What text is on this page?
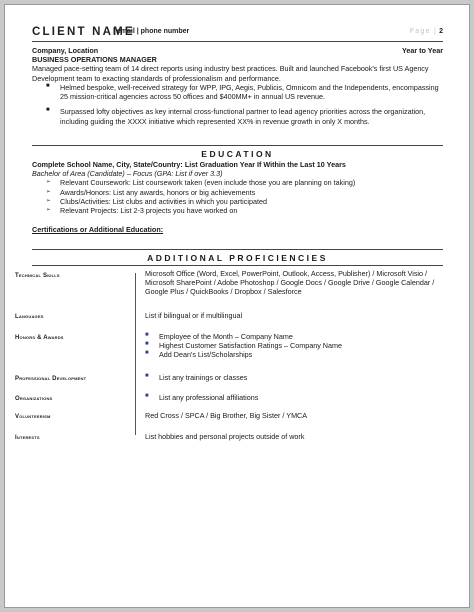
CLIENT NAME
| email | phone number	Page | 2
Company, Location	Year to Year
BUSINESS OPERATIONS MANAGER
Managed pace-setting team of 14 direct reports using industry best practices. Built and launched Facebook's first US Agency Development team to exacting standards of professionalism and performance.
■ Helmed bespoke, well-received strategy for WPP, IPG, Aegis, Publicis, Omnicom and the Independents, encompassing 25 mission-critical agencies across 50 offices and $400MM+ in annual US revenue.
■ Surpassed lofty objectives as key internal cross-functional partner to lead agency priorities across the organization, including guiding the XXXX initiative which represented XX% in revenue growth in only X months.
EDUCATION
Complete School Name, City, State/Country: List Graduation Year If Within the Last 10 Years
Bachelor of Area (Candidate) – Focus (GPA: List if over 3.3)
➢ Relevant Coursework: List coursework taken (even include those you are planning on taking)
➢ Awards/Honors: List any awards, honors or big achievements
➢ Clubs/Activities: List clubs and activities in which you participated
➢ Relevant Projects: List 2-3 projects you have worked on
Certifications or Additional Education:
ADDITIONAL PROFICIENCIES
Technical Skills	Microsoft Office (Word, Excel, PowerPoint, Outlook, Access, Publisher) / Microsoft Visio / Microsoft SharePoint / Adobe Photoshop / Google Docs / Google Drive / Google Calendar / Google Plus / QuickBooks / Dropbox / Salesforce
Languages	List if bilingual or if multilingual
Honors & Awards	■ Employee of the Month – Company Name
■ Highest Customer Satisfaction Ratings – Company Name
■ Add Dean's List/Scholarships
Professional Development	■ List any trainings or classes
Organizations	■ List any professional affiliations
Volunteerism	Red Cross / SPCA / Big Brother, Big Sister / YMCA
Interests	List hobbies and personal projects outside of work
